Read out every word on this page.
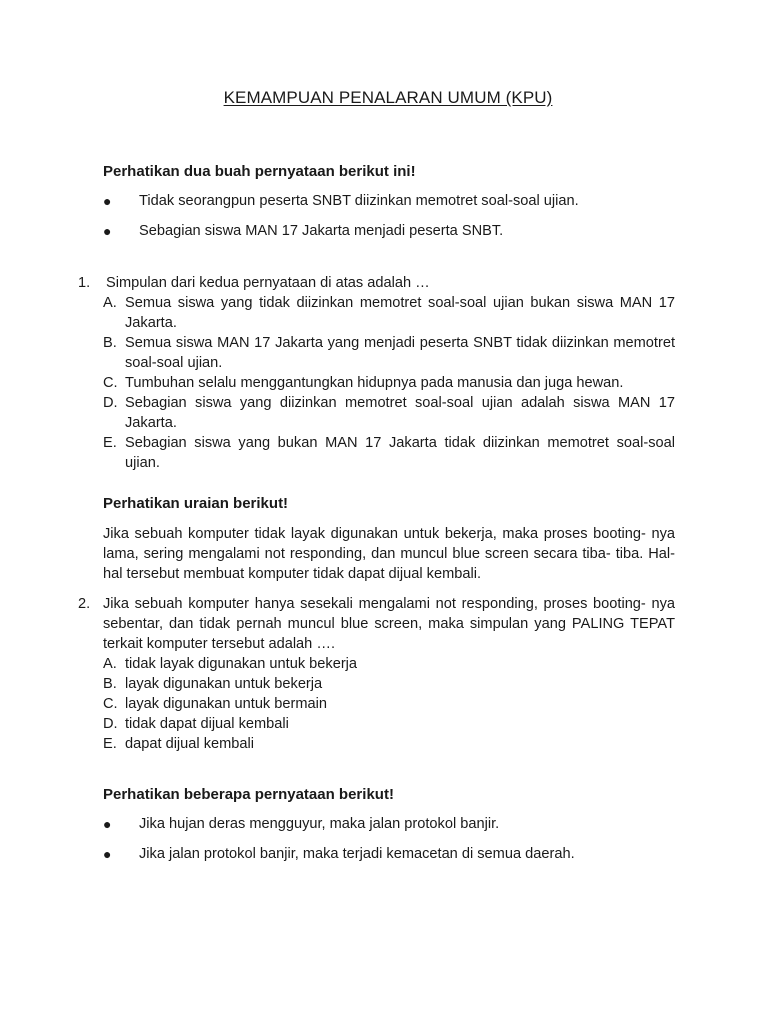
KEMAMPUAN PENALARAN UMUM (KPU)
Perhatikan dua buah pernyataan berikut ini!
● Tidak seorangpun peserta SNBT diizinkan memotret soal-soal ujian.
● Sebagian siswa MAN 17 Jakarta menjadi peserta SNBT.
1. Simpulan dari kedua pernyataan di atas adalah …
A. Semua siswa yang tidak diizinkan memotret soal-soal ujian bukan siswa MAN 17 Jakarta.
B. Semua siswa MAN 17 Jakarta yang menjadi peserta SNBT tidak diizinkan memotret soal-soal ujian.
C. Tumbuhan selalu menggantungkan hidupnya pada manusia dan juga hewan.
D. Sebagian siswa yang diizinkan memotret soal-soal ujian adalah siswa MAN 17 Jakarta.
E. Sebagian siswa yang bukan MAN 17 Jakarta tidak diizinkan memotret soal-soal ujian.
Perhatikan uraian berikut!
Jika sebuah komputer tidak layak digunakan untuk bekerja, maka proses booting- nya lama, sering mengalami not responding, dan muncul blue screen secara tiba- tiba. Hal-hal tersebut membuat komputer tidak dapat dijual kembali.
2. Jika sebuah komputer hanya sesekali mengalami not responding, proses booting- nya sebentar, dan tidak pernah muncul blue screen, maka simpulan yang PALING TEPAT terkait komputer tersebut adalah ….
A. tidak layak digunakan untuk bekerja
B. layak digunakan untuk bekerja
C. layak digunakan untuk bermain
D. tidak dapat dijual kembali
E. dapat dijual kembali
Perhatikan beberapa pernyataan berikut!
● Jika hujan deras mengguyur, maka jalan protokol banjir.
● Jika jalan protokol banjir, maka terjadi kemacetan di semua daerah.
